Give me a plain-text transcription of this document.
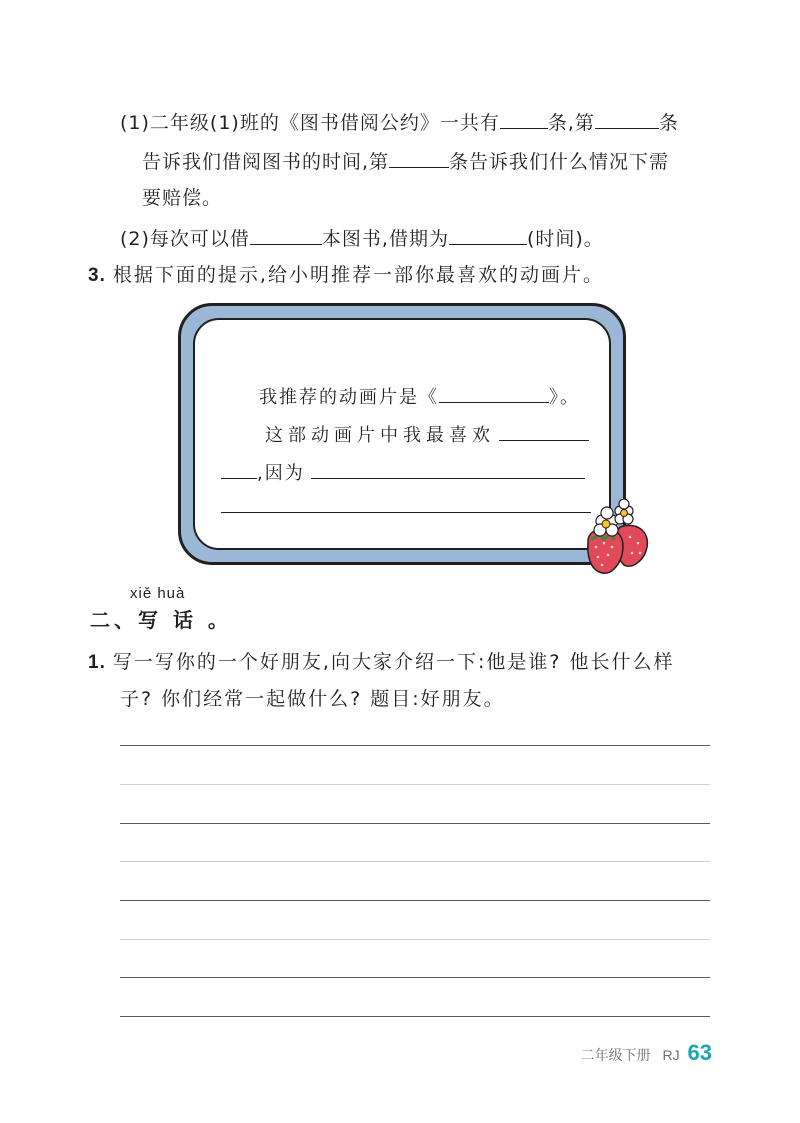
(1)二年级(1)班的《图书借阅公约》一共有	条,第	条
告诉我们借阅图书的时间,第	条告诉我们什么情况下需
要赔偿。
(2)每次可以借	本图书,借期为	(时间)。
3. 根据下面的提示,给小明推荐一部你最喜欢的动画片。
我推荐的动画片是《	》。
这部动画片中我最喜欢
,因为
xiě huà
二、写 话 。
1. 写一写你的一个好朋友,向大家介绍一下:他是谁? 他长什么样
子? 你们经常一起做什么? 题目:好朋友。
二年级下册 RJ 63
